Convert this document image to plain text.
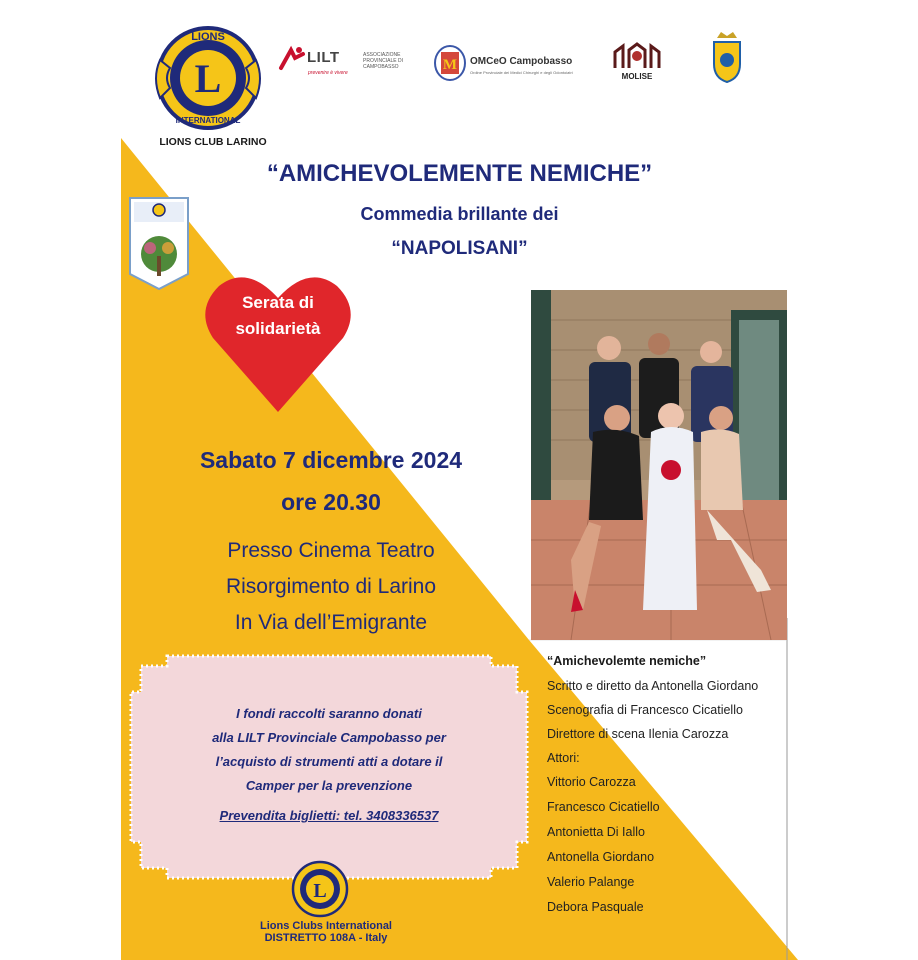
L
LIONS
INTERNATIONAL
LIONS CLUB LARINO
LILT	ASSOCIAZIONE PROVINCIALE DI CAMPOBASSO
prevenire è vivere	M OMCeO Campobasso
Ordine Provinciale dei Medici Chirurghi e degli Odontoiatri	MOLISE
“AMICHEVOLEMENTE NEMICHE”
Commedia brillante dei
“NAPOLISANI”
Serata di
solidarietà
Sabato 7 dicembre 2024
ore 20.30
Presso Cinema Teatro
Risorgimento di Larino
In Via dell’Emigrante
I fondi raccolti saranno donati
alla LILT Provinciale Campobasso per
l’acquisto di strumenti atti a dotare il
Camper per la prevenzione
Prevendita biglietti: tel. 3408336537
“Amichevolemte nemiche”
Scritto e diretto da Antonella Giordano
Scenografia di Francesco Cicatiello
Direttore di scena Ilenia Carozza
Attori:
Vittorio Carozza
Francesco Cicatiello
Antonietta Di Iallo
Antonella Giordano
Valerio Palange
Debora Pasquale
L
Lions Clubs International
DISTRETTO 108A - Italy
